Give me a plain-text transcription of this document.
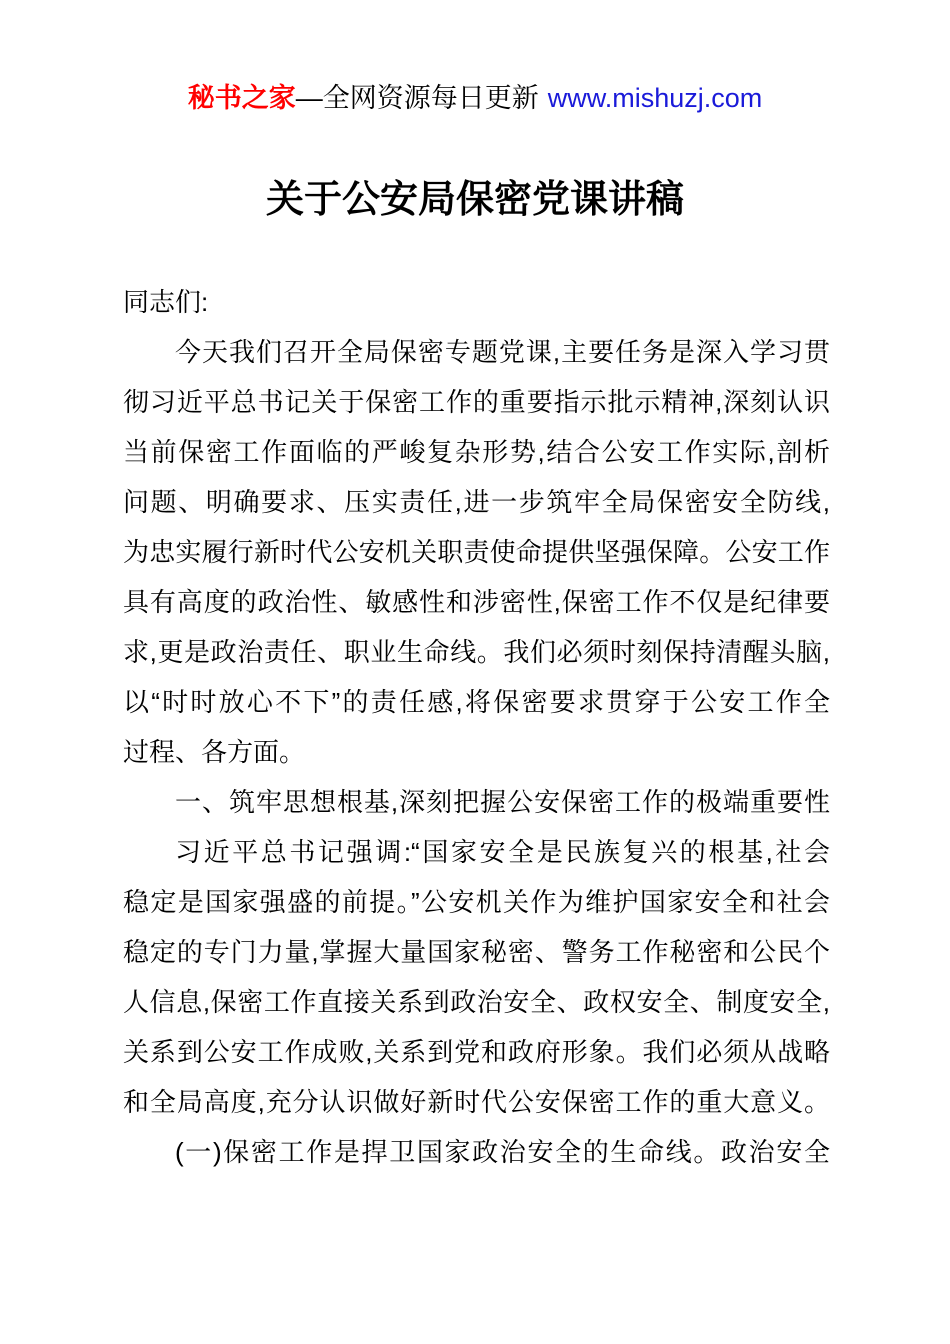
秘书之家—全网资源每日更新 www.mishuzj.com
关于公安局保密党课讲稿
同志们:
今天我们召开全局保密专题党课,主要任务是深入学习贯
彻习近平总书记关于保密工作的重要指示批示精神,深刻认识
当前保密工作面临的严峻复杂形势,结合公安工作实际,剖析
问题、明确要求、压实责任,进一步筑牢全局保密安全防线,
为忠实履行新时代公安机关职责使命提供坚强保障。公安工作
具有高度的政治性、敏感性和涉密性,保密工作不仅是纪律要
求,更是政治责任、职业生命线。我们必须时刻保持清醒头脑,
以“时时放心不下”的责任感,将保密要求贯穿于公安工作全
过程、各方面。
一、筑牢思想根基,深刻把握公安保密工作的极端重要性
习近平总书记强调:“国家安全是民族复兴的根基,社会
稳定是国家强盛的前提。”公安机关作为维护国家安全和社会
稳定的专门力量,掌握大量国家秘密、警务工作秘密和公民个
人信息,保密工作直接关系到政治安全、政权安全、制度安全,
关系到公安工作成败,关系到党和政府形象。我们必须从战略
和全局高度,充分认识做好新时代公安保密工作的重大意义。
(一)保密工作是捍卫国家政治安全的生命线。政治安全
